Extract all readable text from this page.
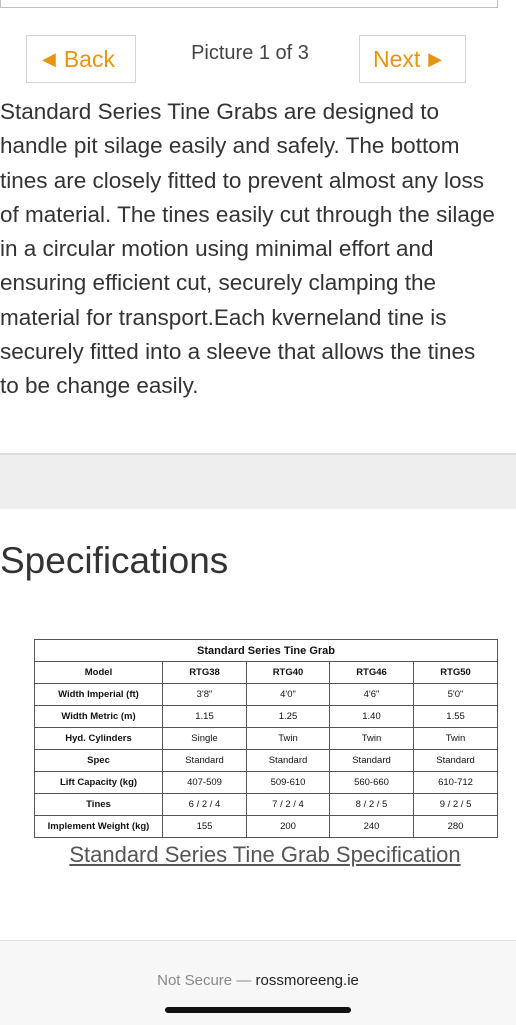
◀ Back	Picture 1 of 3	Next ▶

Standard Series Tine Grabs are designed to
handle pit silage easily and safely. The bottom
tines are closely fitted to prevent almost any loss
of material. The tines easily cut through the silage
in a circular motion using minimal effort and
ensuring efficient cut, securely clamping the
material for transport.Each kverneland tine is
securely fitted into a sleeve that allows the tines
to be change easily.

Specifications
Standard Series Tine Grab				
Model	RTG38	RTG40	RTG46	RTG50
Width Imperial (ft)	3'8"	4'0"	4'6"	5'0"
Width Metric (m)	1.15	1.25	1.40	1.55
Hyd. Cylinders	Single	Twin	Twin	Twin
Spec	Standard	Standard	Standard	Standard
Lift Capacity (kg)	407-509	509-610	560-660	610-712
Tines	6 / 2 / 4	7 / 2 / 4	8 / 2 / 5	9 / 2 / 5
Implement Weight (kg)	155	200	240	280
Standard Series Tine Grab Specification
Not Secure — rossmoreeng.ie
